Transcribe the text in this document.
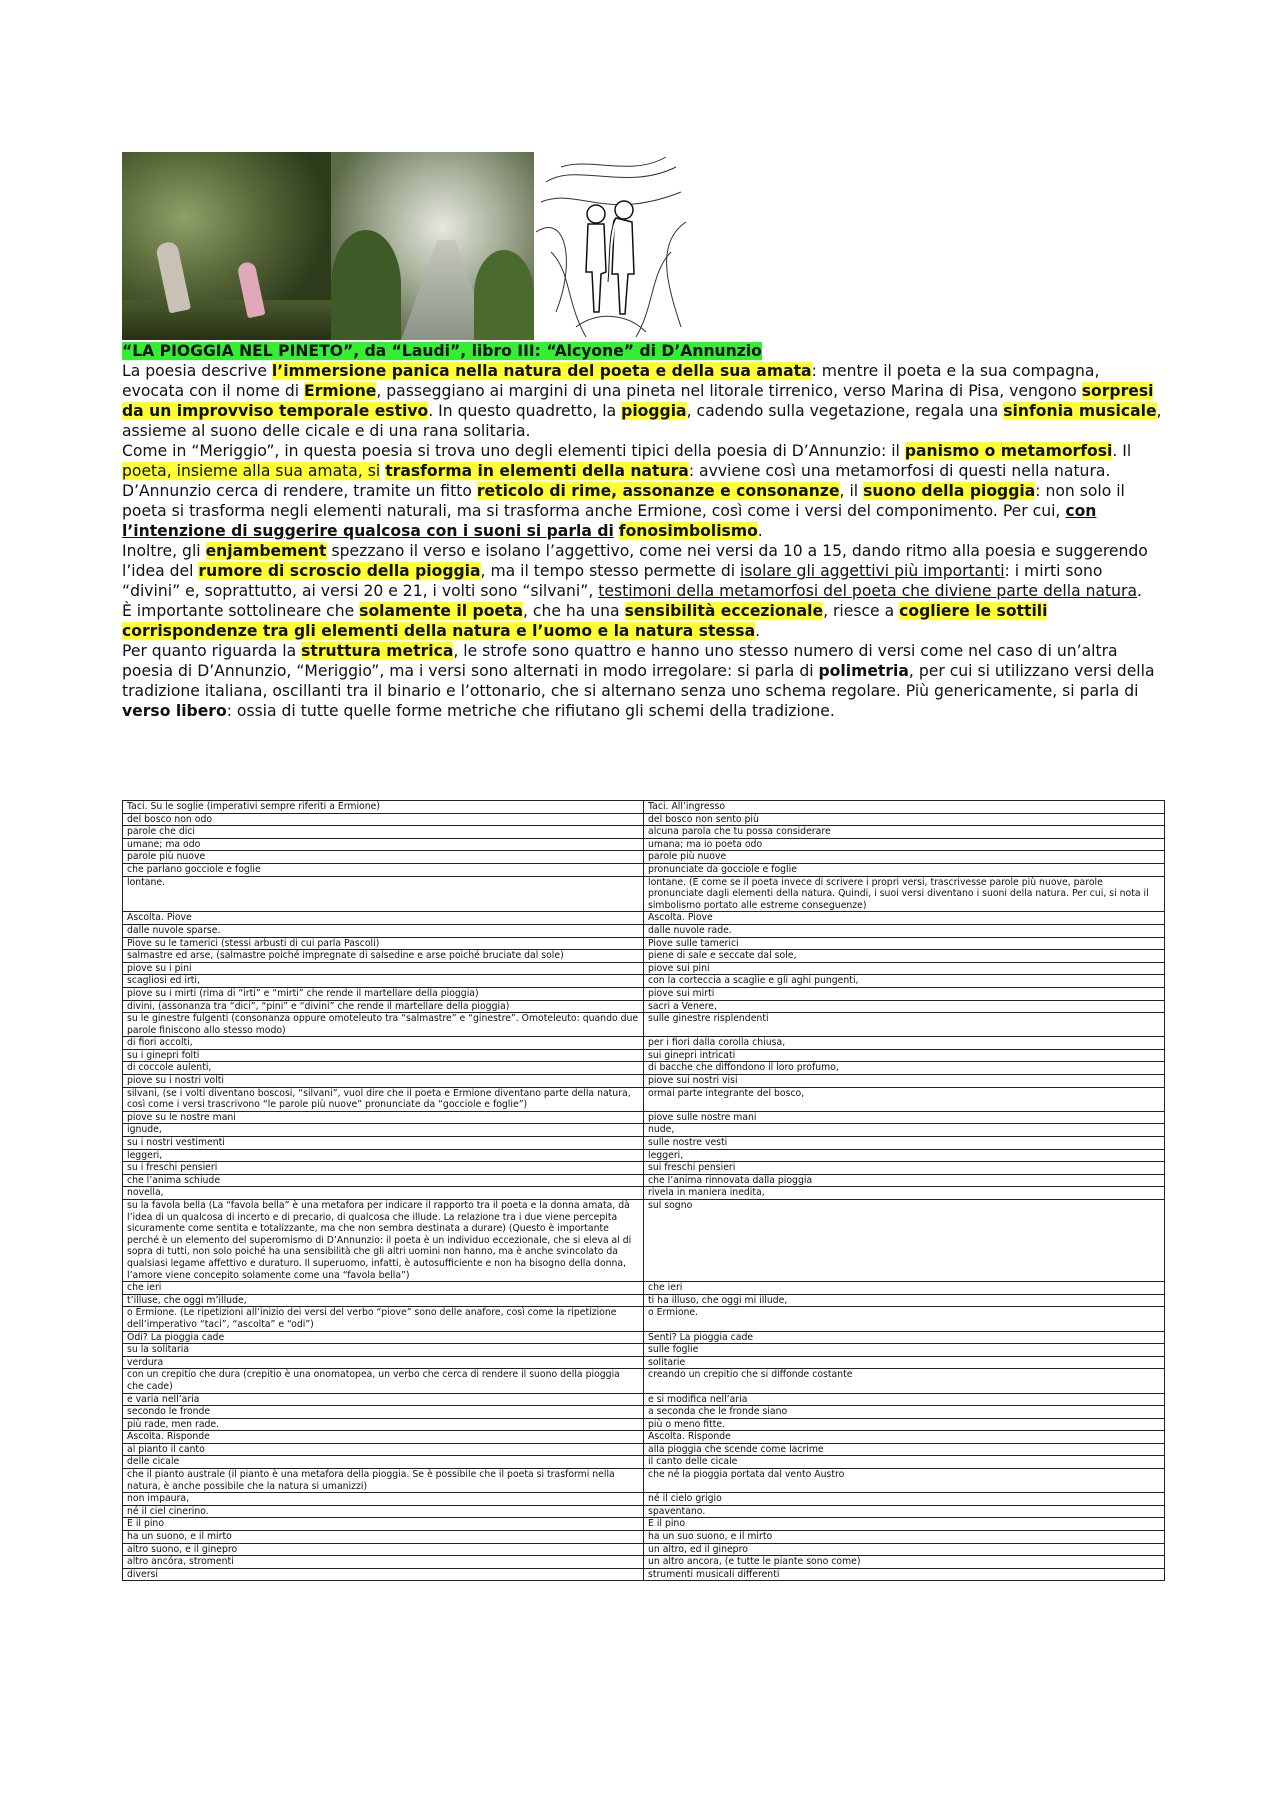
“LA PIOGGIA NEL PINETO”, da “Laudi”, libro III: “Alcyone” di D’Annunzio

La poesia descrive l’immersione panica nella natura del poeta e della sua amata: mentre il poeta e la sua compagna, evocata con il nome di Ermione, passeggiano ai margini di una pineta nel litorale tirrenico, verso Marina di Pisa, vengono sorpresi da un improvviso temporale estivo. In questo quadretto, la pioggia, cadendo sulla vegetazione, regala una sinfonia musicale, assieme al suono delle cicale e di una rana solitaria.

Come in “Meriggio”, in questa poesia si trova uno degli elementi tipici della poesia di D’Annunzio: il panismo o metamorfosi. Il poeta, insieme alla sua amata, si trasforma in elementi della natura: avviene così una metamorfosi di questi nella natura.

D’Annunzio cerca di rendere, tramite un fitto reticolo di rime, assonanze e consonanze, il suono della pioggia: non solo il poeta si trasforma negli elementi naturali, ma si trasforma anche Ermione, così come i versi del componimento. Per cui, con l’intenzione di suggerire qualcosa con i suoni si parla di fonosimbolismo.

Inoltre, gli enjambement spezzano il verso e isolano l’aggettivo, come nei versi da 10 a 15, dando ritmo alla poesia e suggerendo l’idea del rumore di scroscio della pioggia, ma il tempo stesso permette di isolare gli aggettivi più importanti: i mirti sono “divini” e, soprattutto, ai versi 20 e 21, i volti sono “silvani”, testimoni della metamorfosi del poeta che diviene parte della natura.

È importante sottolineare che solamente il poeta, che ha una sensibilità eccezionale, riesce a cogliere le sottili corrispondenze tra gli elementi della natura e l’uomo e la natura stessa.

Per quanto riguarda la struttura metrica, le strofe sono quattro e hanno uno stesso numero di versi come nel caso di un’altra poesia di D’Annunzio, “Meriggio”, ma i versi sono alternati in modo irregolare: si parla di polimetria, per cui si utilizzano versi della tradizione italiana, oscillanti tra il binario e l’ottonario, che si alternano senza uno schema regolare. Più genericamente, si parla di verso libero: ossia di tutte quelle forme metriche che rifiutano gli schemi della tradizione.

Taci. Su le soglie (imperativi sempre riferiti a Ermione)	Taci. All’ingresso
del bosco non odo	del bosco non sento più
parole che dici	alcuna parola che tu possa considerare
umane; ma odo	umana; ma io poeta odo
parole più nuove	parole più nuove
che parlano gocciole e foglie	pronunciate da gocciole e foglie
lontane.	lontane. (È come se il poeta invece di scrivere i propri versi, trascrivesse parole più nuove, parole pronunciate dagli elementi della natura. Quindi, i suoi versi diventano i suoni della natura. Per cui, si nota il simbolismo portato alle estreme conseguenze)
Ascolta. Piove	Ascolta. Piove
dalle nuvole sparse.	dalle nuvole rade.
Piove su le tamerici (stessi arbusti di cui parla Pascoli)	Piove sulle tamerici
salmastre ed arse, (salmastre poiché impregnate di salsedine e arse poiché bruciate dal sole)	piene di sale e seccate dal sole,
piove su i pini	piove sui pini
scagliosi ed irti,	con la corteccia a scaglie e gli aghi pungenti,
piove su i mirti (rima di “irti” e “mirti” che rende il martellare della pioggia)	piove sui mirti
divini, (assonanza tra “dici”, “pini” e “divini” che rende il martellare della pioggia)	sacri a Venere,
su le ginestre fulgenti (consonanza oppure omoteleuto tra “salmastre” e “ginestre”. Omoteleuto: quando due parole finiscono allo stesso modo)	sulle ginestre risplendenti
di fiori accolti,	per i fiori dalla corolla chiusa,
su i ginepri folti	sui ginepri intricati
di coccole aulenti,	di bacche che diffondono il loro profumo,
piove su i nostri volti	piove sui nostri visi
silvani, (se i volti diventano boscosi, “silvani”, vuol dire che il poeta e Ermione diventano parte della natura, così come i versi trascrivono “le parole più nuove” pronunciate da “gocciole e foglie”)	ormai parte integrante del bosco,
piove su le nostre mani	piove sulle nostre mani
ignude,	nude,
su i nostri vestimenti	sulle nostre vesti
leggeri,	leggeri,
su i freschi pensieri	sui freschi pensieri
che l’anima schiude	che l’anima rinnovata dalla pioggia
novella,	rivela in maniera inedita,
su la favola bella (La “favola bella” è una metafora per indicare il rapporto tra il poeta e la donna amata, dà l’idea di un qualcosa di incerto e di precario, di qualcosa che illude. La relazione tra i due viene percepita sicuramente come sentita e totalizzante, ma che non sembra destinata a durare) (Questo è importante perché è un elemento del superomismo di D’Annunzio: il poeta è un individuo eccezionale, che si eleva al di sopra di tutti, non solo poiché ha una sensibilità che gli altri uomini non hanno, ma è anche svincolato da qualsiasi legame affettivo e duraturo. Il superuomo, infatti, è autosufficiente e non ha bisogno della donna, l’amore viene concepito solamente come una “favola bella”)	sul sogno
che ieri	che ieri
t’illuse, che oggi m’illude,	ti ha illuso, che oggi mi illude,
o Ermione. (Le ripetizioni all’inizio dei versi del verbo “piove” sono delle anafore, così come la ripetizione dell’imperativo “taci”, “ascolta” e “odi”)	o Ermione.
Odi? La pioggia cade	Senti? La pioggia cade
su la solitaria	sulle foglie
verdura	solitarie
con un crepitio che dura (crepitio è una onomatopea, un verbo che cerca di rendere il suono della pioggia che cade)	creando un crepitio che si diffonde costante
e varia nell’aria	e si modifica nell’aria
secondo le fronde	a seconda che le fronde siano
più rade, men rade.	più o meno fitte.
Ascolta. Risponde	Ascolta. Risponde
al pianto il canto	alla pioggia che scende come lacrime
delle cicale	il canto delle cicale
che il pianto australe (il pianto è una metafora della pioggia. Se è possibile che il poeta si trasformi nella natura, è anche possibile che la natura si umanizzi)	che né la pioggia portata dal vento Austro
non impaura,	né il cielo grigio
né il ciel cinerino.	spaventano.
E il pino	E il pino
ha un suono, e il mirto	ha un suo suono, e il mirto
altro suono, e il ginepro	un altro, ed il ginepro
altro ancóra, stromenti	un altro ancora, (e tutte le piante sono come)
diversi	strumenti musicali differenti
